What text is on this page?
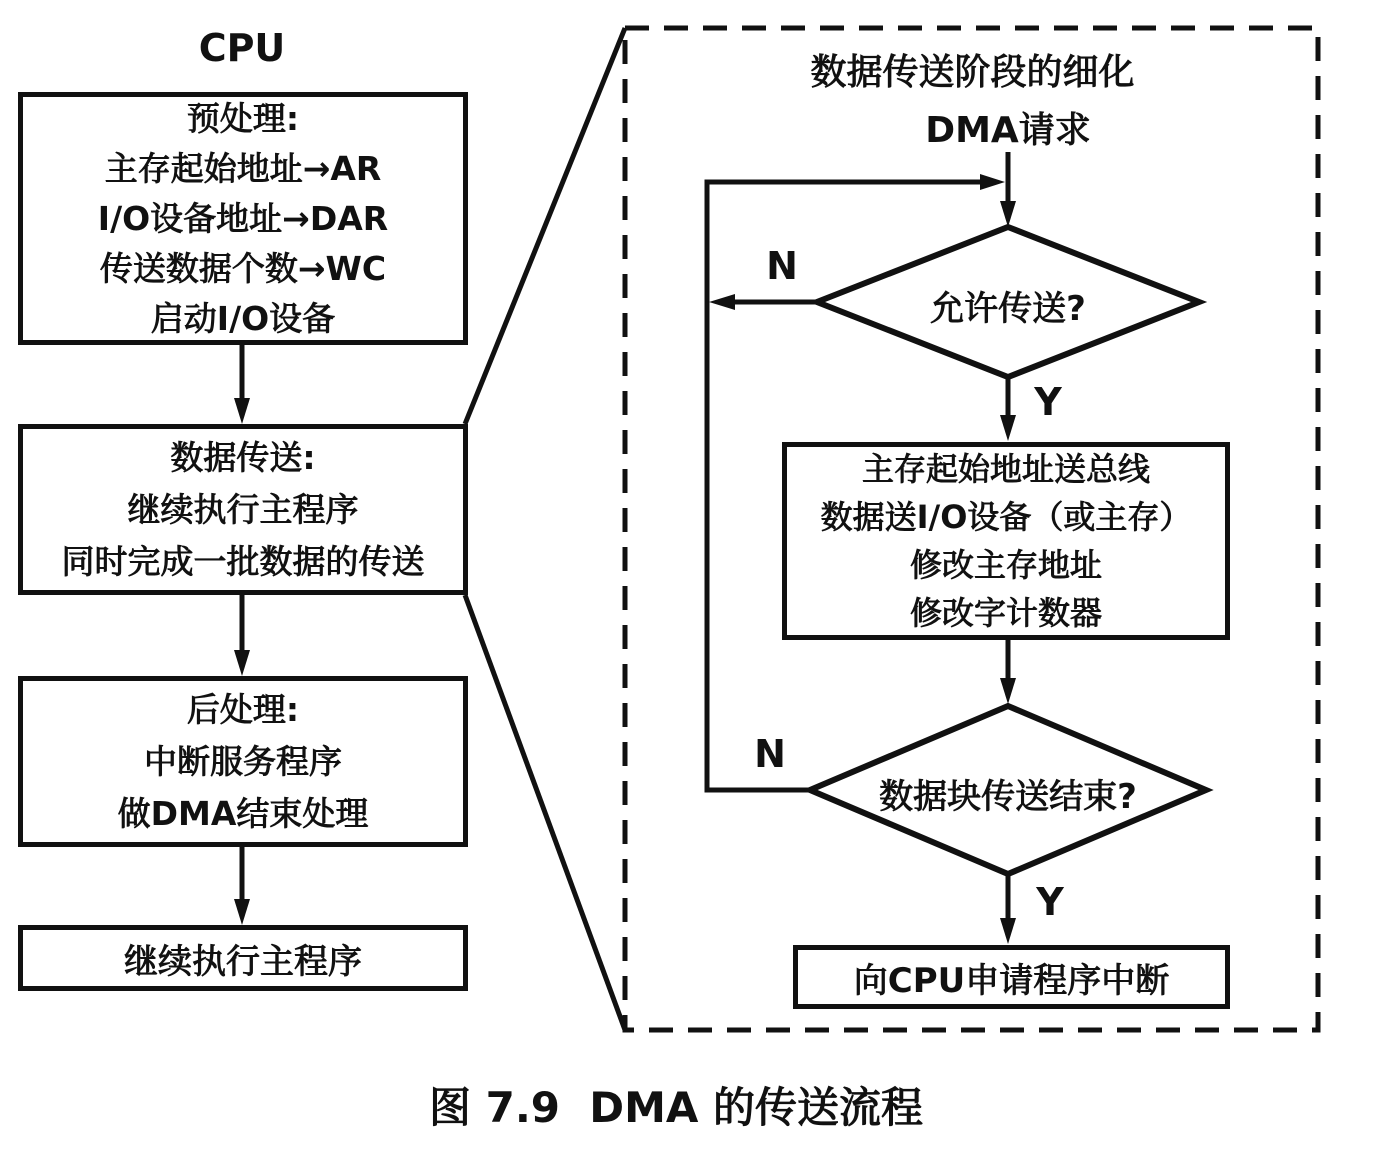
CPU
预处理:
主存起始地址→AR
I/O设备地址→DAR
传送数据个数→WC
启动I/O设备
数据传送:
继续执行主程序
同时完成一批数据的传送
后处理:
中断服务程序
做DMA结束处理
继续执行主程序
数据传送阶段的细化
DMA请求
允许传送?
N
Y
主存起始地址送总线
数据送I/O设备（或主存）
修改主存地址
修改字计数器
数据块传送结束?
N
Y
向CPU申请程序中断
图 7.9  DMA 的传送流程
